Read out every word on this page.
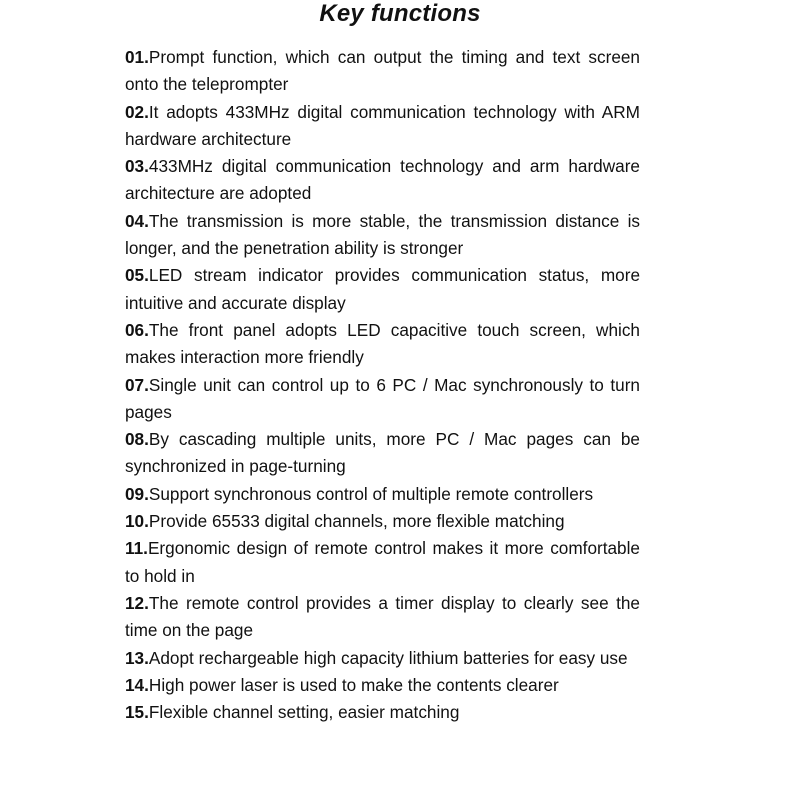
Key functions
01.Prompt function, which can output the timing and text screen onto the teleprompter
02.It adopts 433MHz digital communication technology with ARM hardware architecture
03.433MHz digital communication technology and arm hardware architecture are adopted
04.The transmission is more stable, the transmission distance is longer, and the penetration ability is stronger
05.LED stream indicator provides communication status, more intuitive and accurate display
06.The front panel adopts LED capacitive touch screen, which makes interaction more friendly
07.Single unit can control up to 6 PC / Mac synchronously to turn pages
08.By cascading multiple units, more PC / Mac pages can be synchronized in page-turning
09.Support synchronous control of multiple remote controllers
10.Provide 65533 digital channels, more flexible matching
11.Ergonomic design of remote control makes it more comfortable to hold in
12.The remote control provides a timer display to clearly see the time on the page
13.Adopt rechargeable high capacity lithium batteries for easy use
14.High power laser is used to make the contents clearer
15.Flexible channel setting, easier matching
